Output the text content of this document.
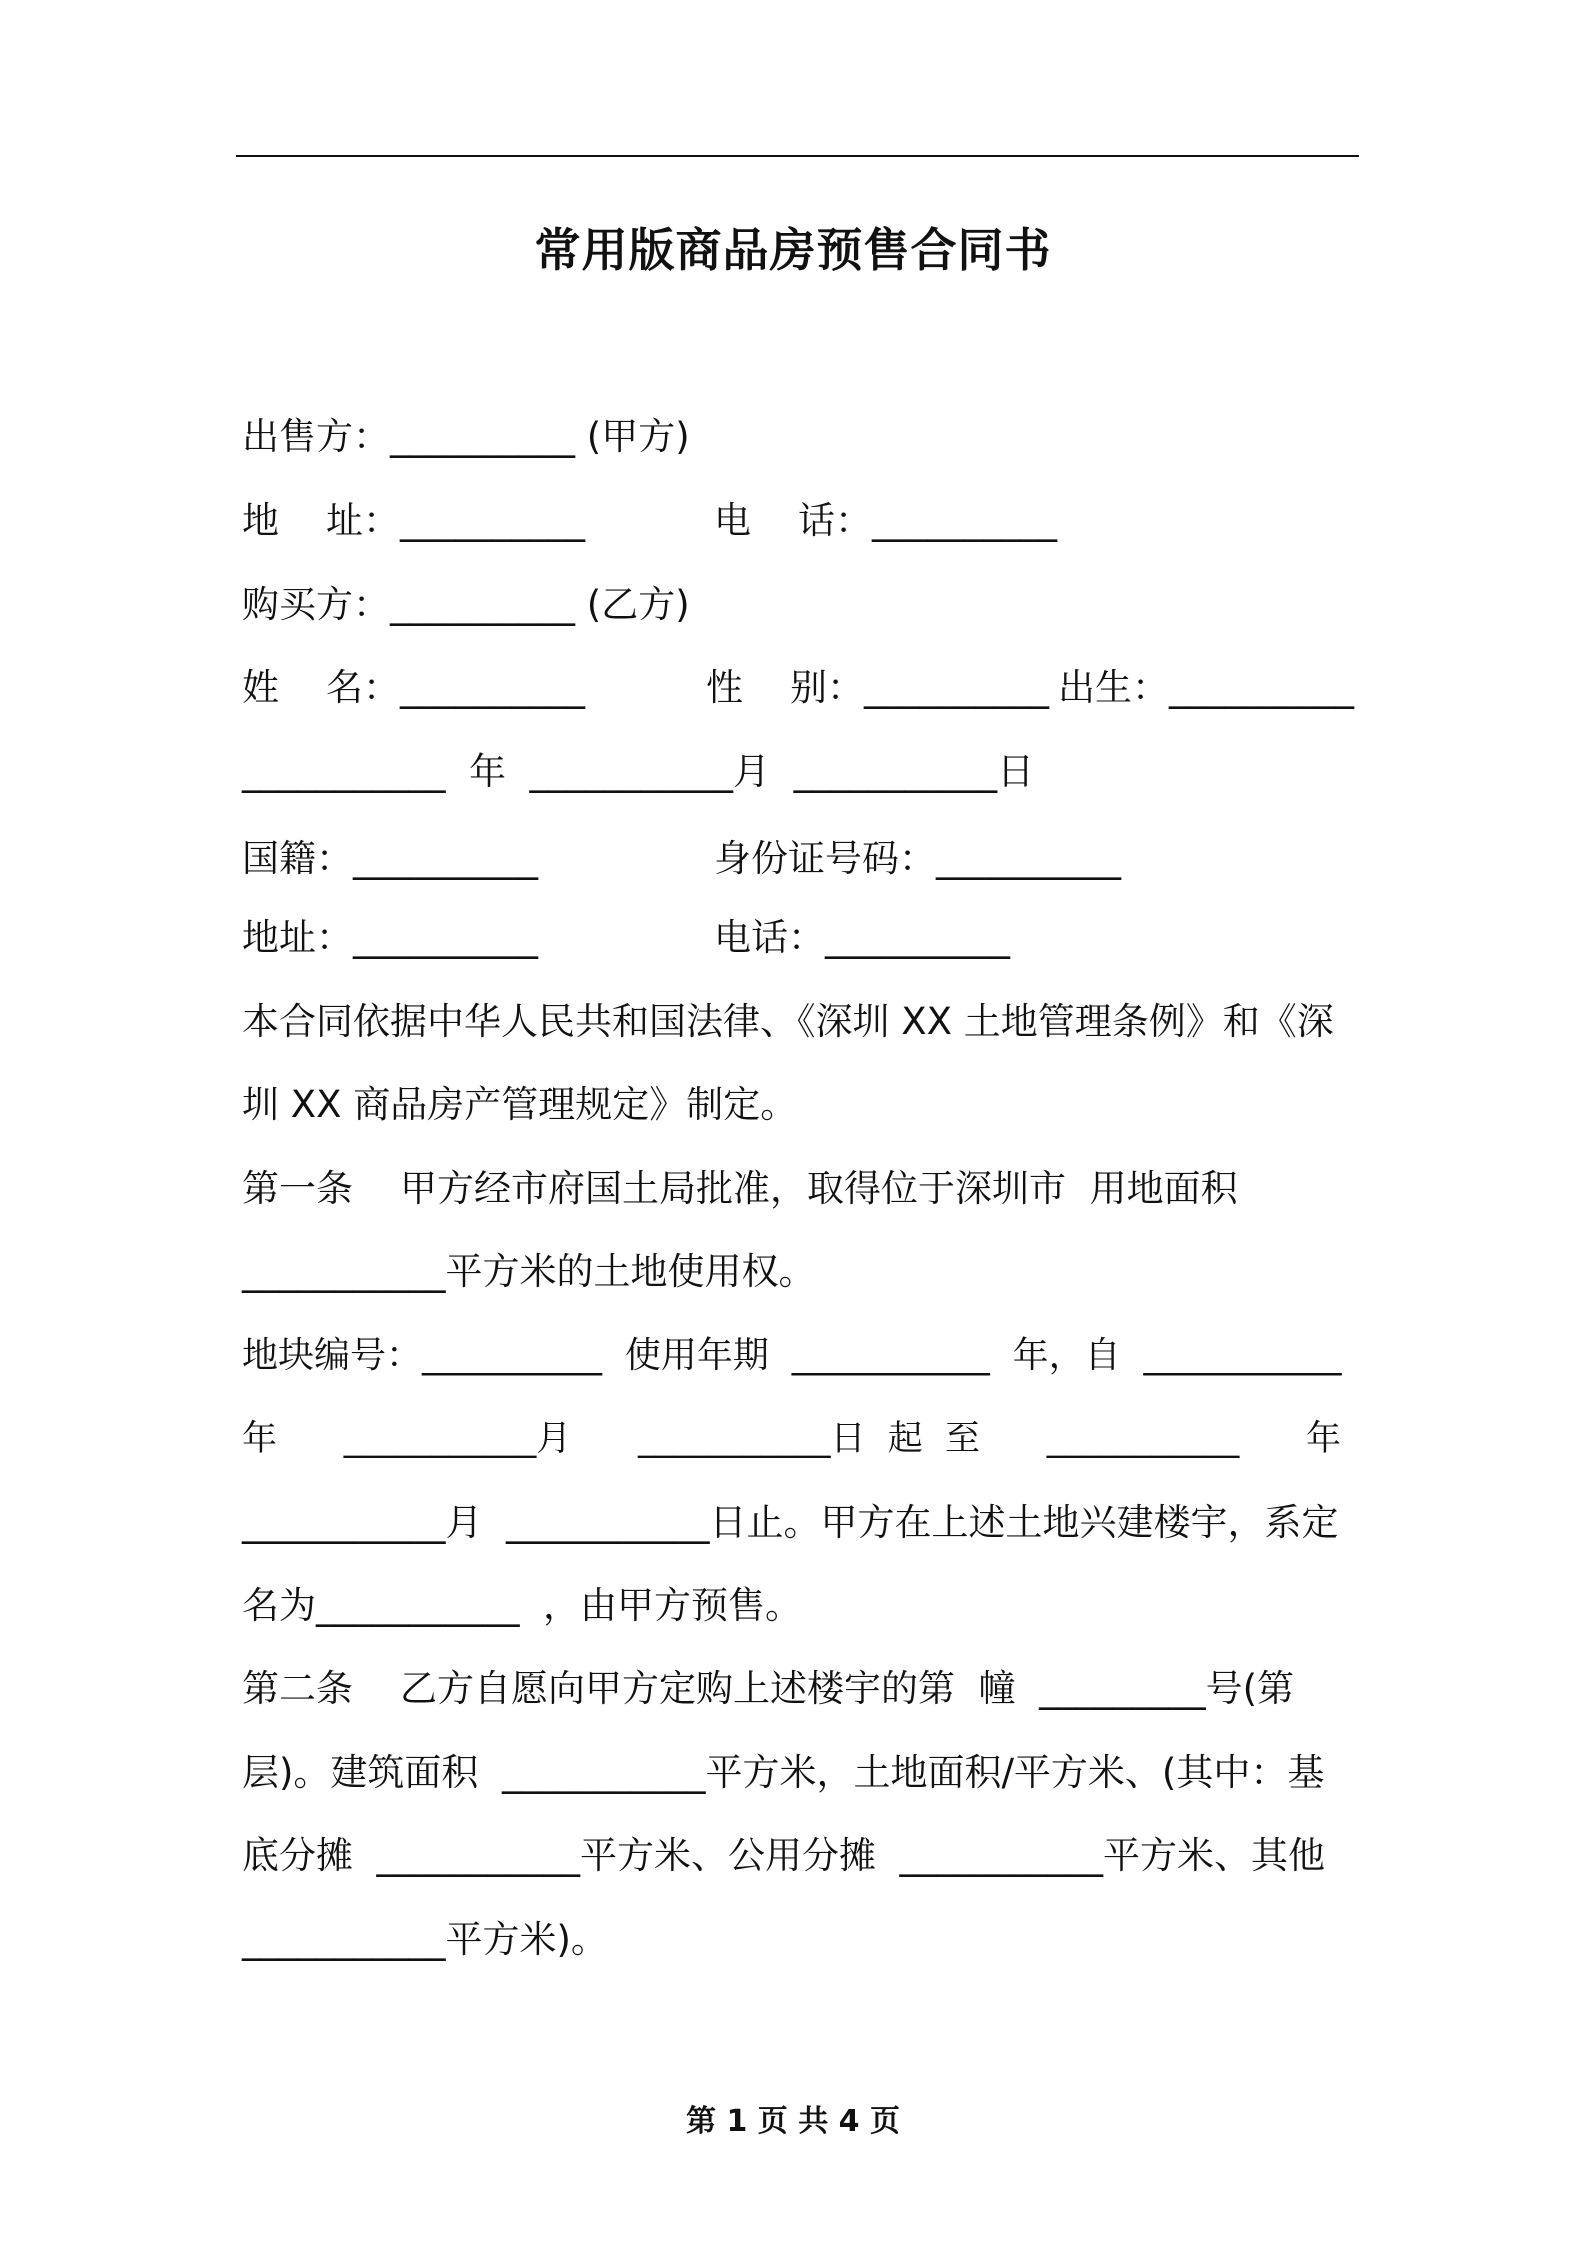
常用版商品房预售合同书
出售方：__________ (甲方)
地    址：__________	电    话：__________
购买方：__________ (乙方)
姓    名：__________	性    别：__________ 出生：__________
___________  年  ___________月  ___________日
国籍：__________	身份证号码：__________
地址：__________	电话：__________
本合同依据中华人民共和国法律、《深圳 XX 土地管理条例》和《深
圳 XX 商品房产管理规定》制定。
第一条    甲方经市府国土局批准，取得位于深圳市  用地面积
___________平方米的土地使用权。
地块编号：__________  使用年期  ___________  年，自  ___________
年      ___________月      ___________日  起  至      ___________      年
___________月  ___________日止。甲方在上述土地兴建楼宇，系定
名为___________  ，由甲方预售。
第二条    乙方自愿向甲方定购上述楼宇的第  幢  _________号(第
层)。建筑面积  ___________平方米，土地面积/平方米、(其中：基
底分摊  ___________平方米、公用分摊  ___________平方米、其他
___________平方米)。
第 1 页 共 4 页
